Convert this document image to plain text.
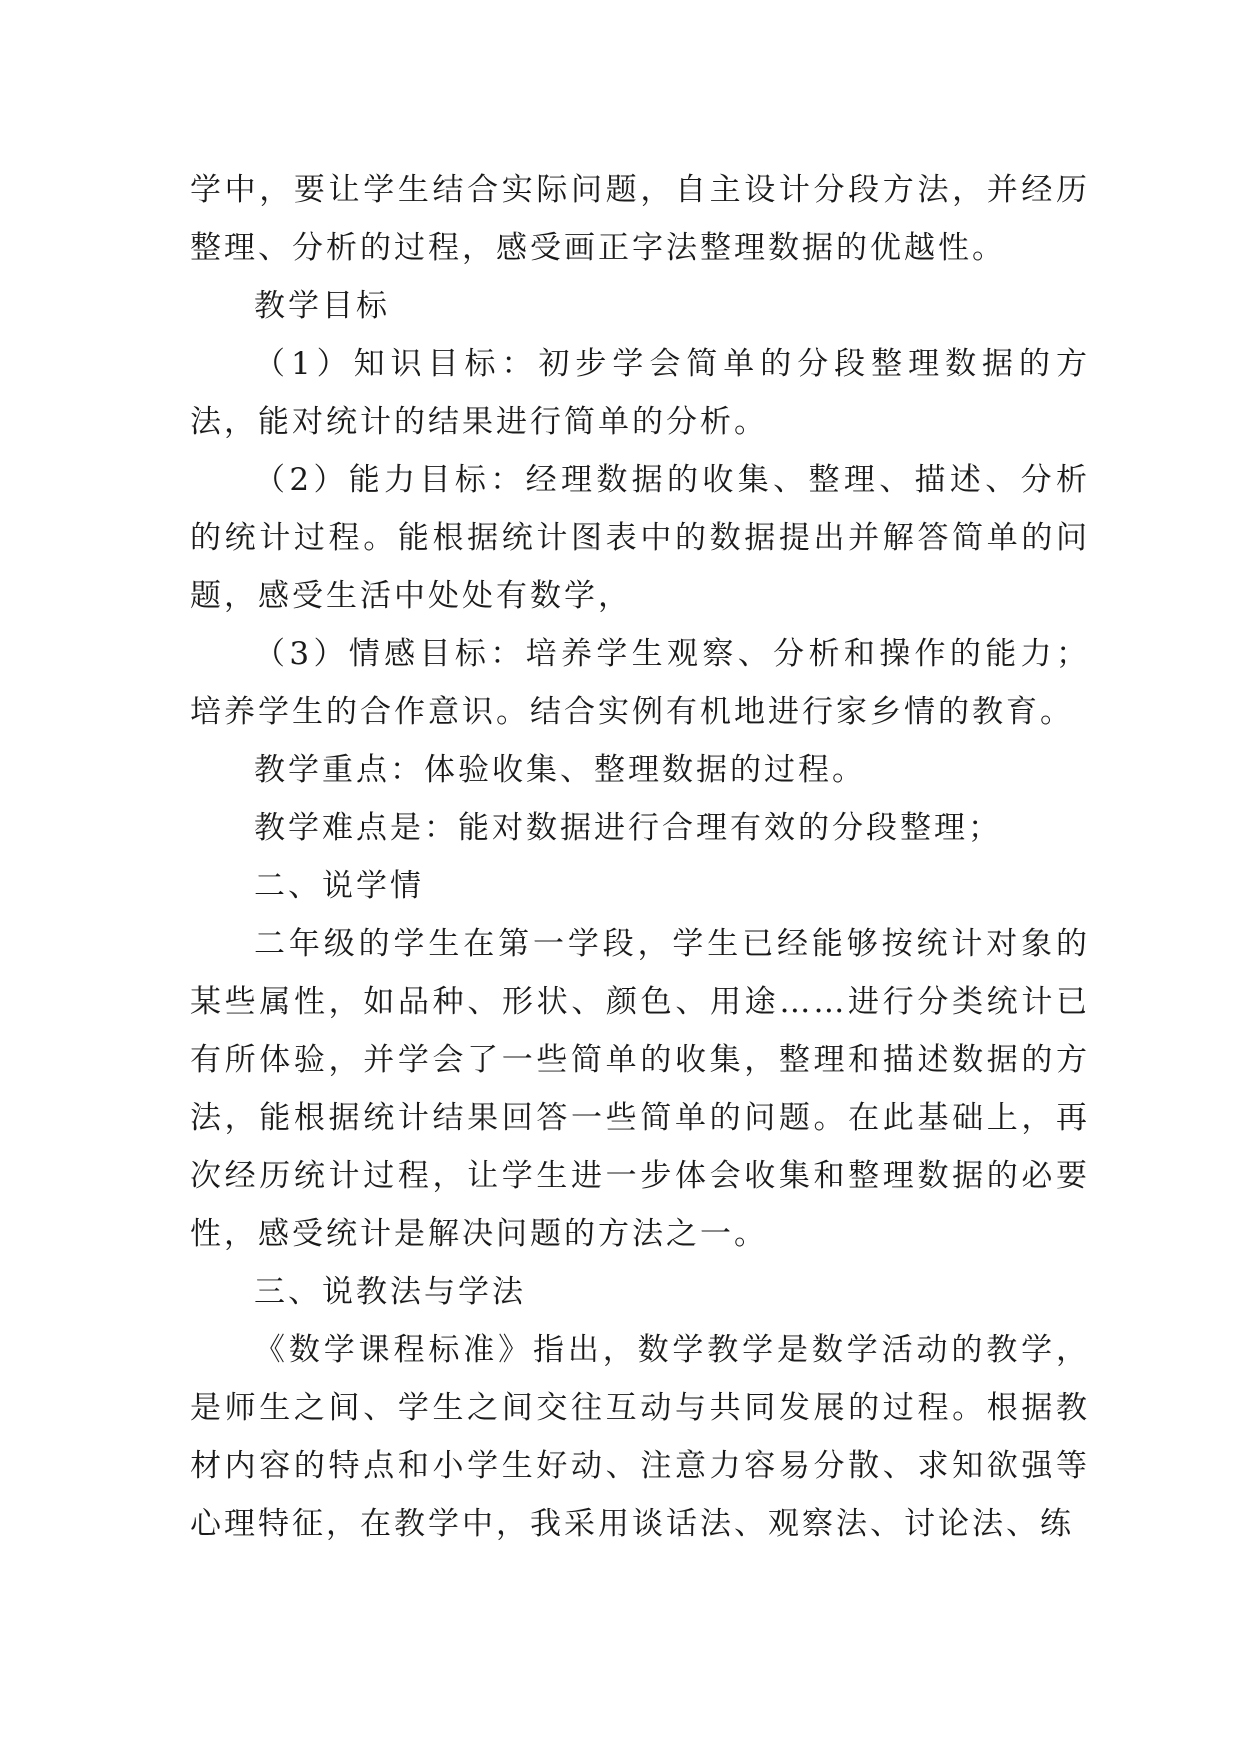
学中，要让学生结合实际问题，自主设计分段方法，并经历整理、分析的过程，感受画正字法整理数据的优越性。

教学目标

（1）知识目标：初步学会简单的分段整理数据的方法，能对统计的结果进行简单的分析。

（2）能力目标：经理数据的收集、整理、描述、分析的统计过程。能根据统计图表中的数据提出并解答简单的问题，感受生活中处处有数学，

（3）情感目标：培养学生观察、分析和操作的能力；培养学生的合作意识。结合实例有机地进行家乡情的教育。

教学重点：体验收集、整理数据的过程。

教学难点是：能对数据进行合理有效的分段整理；

二、说学情

二年级的学生在第一学段，学生已经能够按统计对象的某些属性，如品种、形状、颜色、用途……进行分类统计已有所体验，并学会了一些简单的收集，整理和描述数据的方法，能根据统计结果回答一些简单的问题。在此基础上，再次经历统计过程，让学生进一步体会收集和整理数据的必要性，感受统计是解决问题的方法之一。

三、说教法与学法

《数学课程标准》指出，数学教学是数学活动的教学，是师生之间、学生之间交往互动与共同发展的过程。根据教材内容的特点和小学生好动、注意力容易分散、求知欲强等心理特征，在教学中，我采用谈话法、观察法、讨论法、练
